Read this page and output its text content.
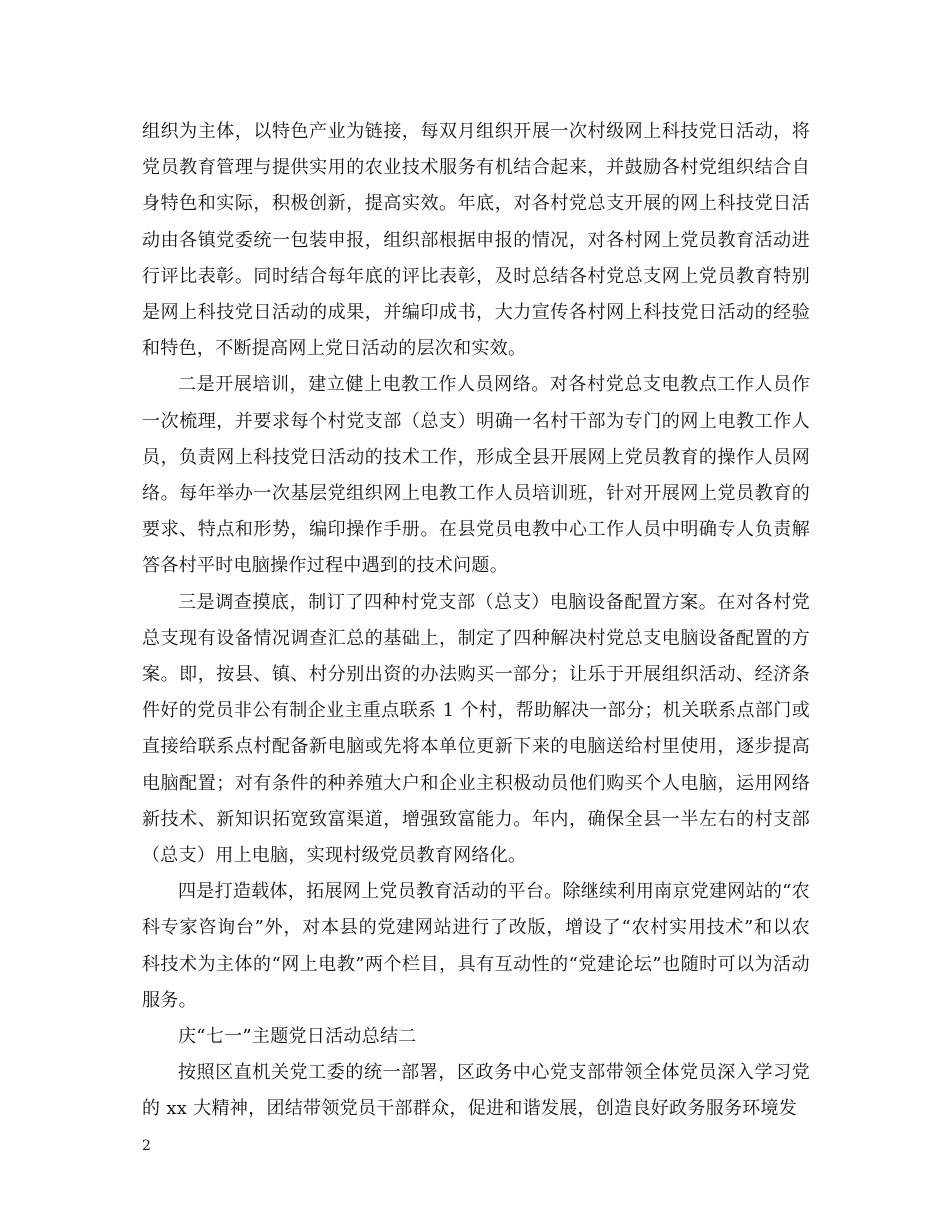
组织为主体，以特色产业为链接，每双月组织开展一次村级网上科技党日活动，将党员教育管理与提供实用的农业技术服务有机结合起来，并鼓励各村党组织结合自身特色和实际，积极创新，提高实效。年底，对各村党总支开展的网上科技党日活动由各镇党委统一包装申报，组织部根据申报的情况，对各村网上党员教育活动进行评比表彰。同时结合每年底的评比表彰，及时总结各村党总支网上党员教育特别是网上科技党日活动的成果，并编印成书，大力宣传各村网上科技党日活动的经验和特色，不断提高网上党日活动的层次和实效。

二是开展培训，建立健上电教工作人员网络。对各村党总支电教点工作人员作一次梳理，并要求每个村党支部（总支）明确一名村干部为专门的网上电教工作人员，负责网上科技党日活动的技术工作，形成全县开展网上党员教育的操作人员网络。每年举办一次基层党组织网上电教工作人员培训班，针对开展网上党员教育的要求、特点和形势，编印操作手册。在县党员电教中心工作人员中明确专人负责解答各村平时电脑操作过程中遇到的技术问题。

三是调查摸底，制订了四种村党支部（总支）电脑设备配置方案。在对各村党总支现有设备情况调查汇总的基础上，制定了四种解决村党总支电脑设备配置的方案。即，按县、镇、村分别出资的办法购买一部分；让乐于开展组织活动、经济条件好的党员非公有制企业主重点联系 1 个村，帮助解决一部分；机关联系点部门或直接给联系点村配备新电脑或先将本单位更新下来的电脑送给村里使用，逐步提高电脑配置；对有条件的种养殖大户和企业主积极动员他们购买个人电脑，运用网络新技术、新知识拓宽致富渠道，增强致富能力。年内，确保全县一半左右的村支部（总支）用上电脑，实现村级党员教育网络化。

四是打造载体，拓展网上党员教育活动的平台。除继续利用南京党建网站的“农科专家咨询台”外，对本县的党建网站进行了改版，增设了“农村实用技术”和以农科技术为主体的“网上电教”两个栏目，具有互动性的“党建论坛”也随时可以为活动服务。

庆“七一”主题党日活动总结二

按照区直机关党工委的统一部署，区政务中心党支部带领全体党员深入学习党的 xx 大精神，团结带领党员干部群众，促进和谐发展，创造良好政务服务环境发

2
